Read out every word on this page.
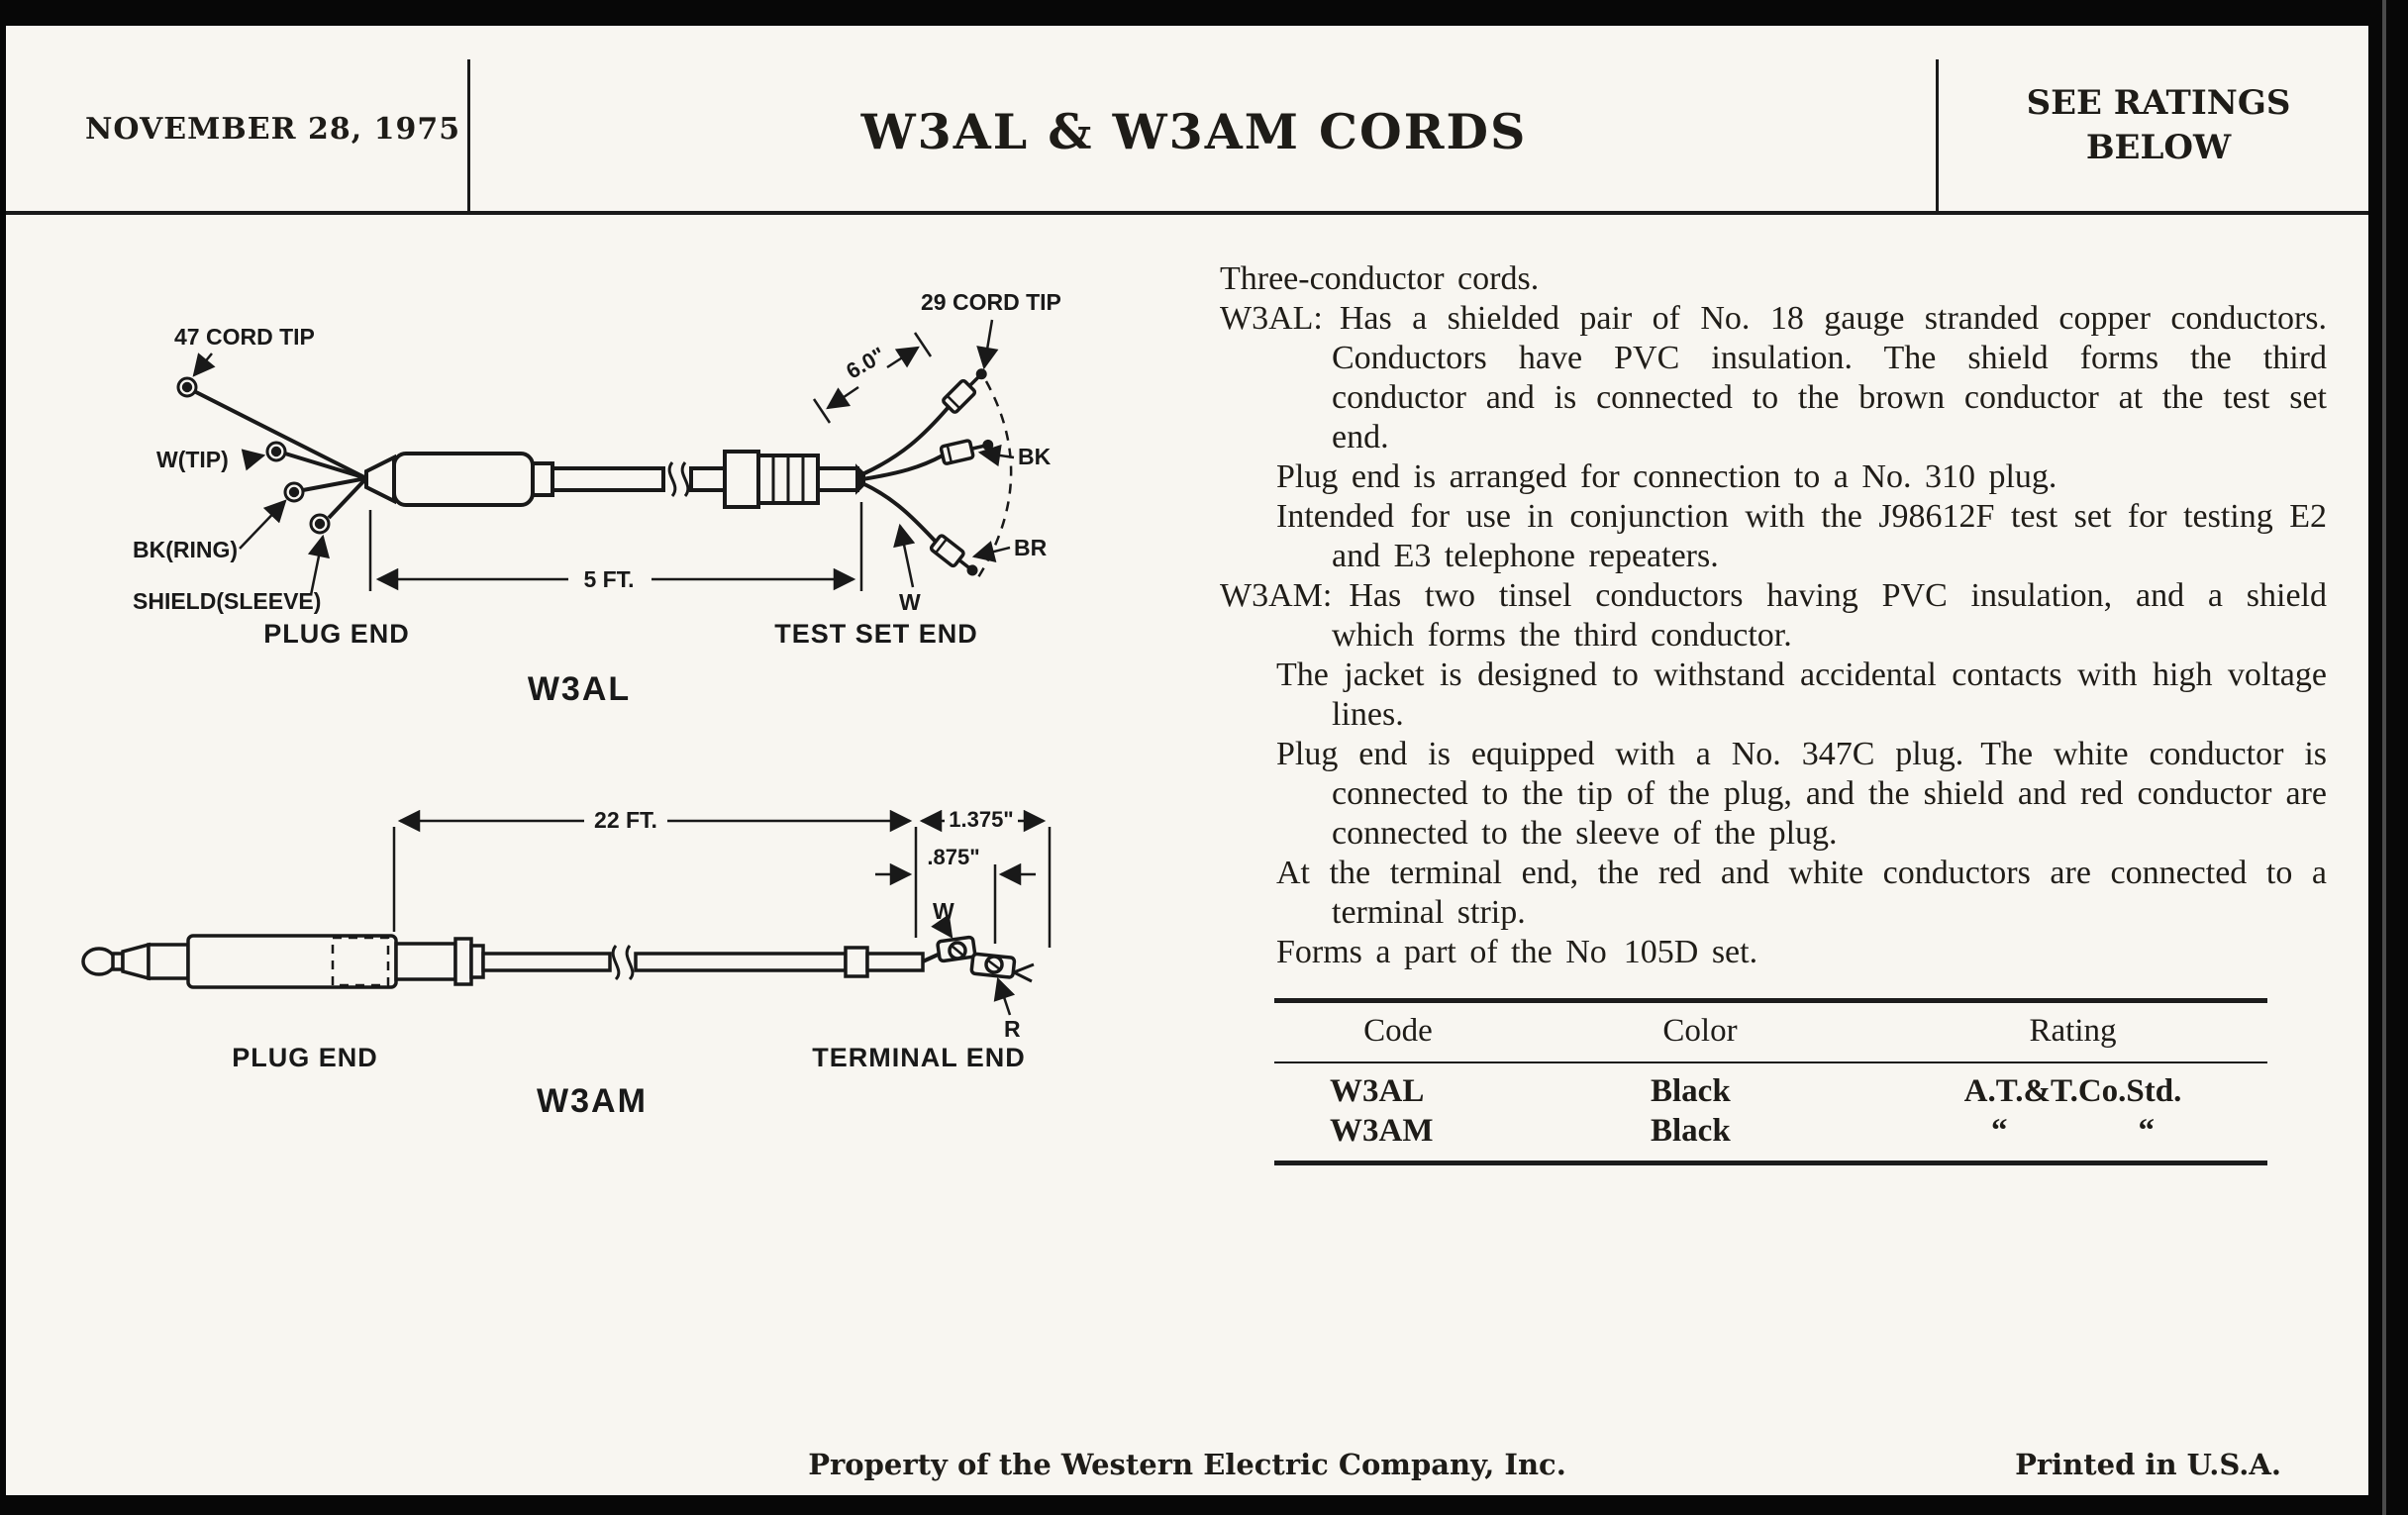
NOVEMBER 28, 1975	W3AL & W3AM CORDS	SEE RATINGS
BELOW
5 FT.
6.0"
47 CORD TIP
W(TIP)
BK(RING)
SHIELD(SLEEVE)
29 CORD TIP
BK
BR
W
PLUG END	TEST SET END
W3AL
22 FT.	1.375"
.875"
W
R
PLUG END	TERMINAL END
W3AM

Three-conductor cords.

W3AL: Has a shielded pair of No. 18 gauge stranded copper conductors. Conductors have PVC insulation. The shield forms the third conductor and is connected to the brown conductor at the test set end.

Plug end is arranged for connection to a No. 310 plug.

Intended for use in conjunction with the J98612F test set for testing E2 and E3 telephone repeaters.

W3AM: Has two tinsel conductors having PVC insulation, and a shield which forms the third conductor.

The jacket is designed to withstand accidental contacts with high voltage lines.

Plug end is equipped with a No. 347C plug. The white conductor is connected to the tip of the plug, and the shield and red conductor are connected to the sleeve of the plug.

At the terminal end, the red and white conductors are connected to a terminal strip.

Forms a part of the No 105D set.

Code	Color	Rating
W3AL	Black	A.T.&T.Co.Std.
W3AM	Black	“    “
Property of the Western Electric Company, Inc.	Printed in U.S.A.
